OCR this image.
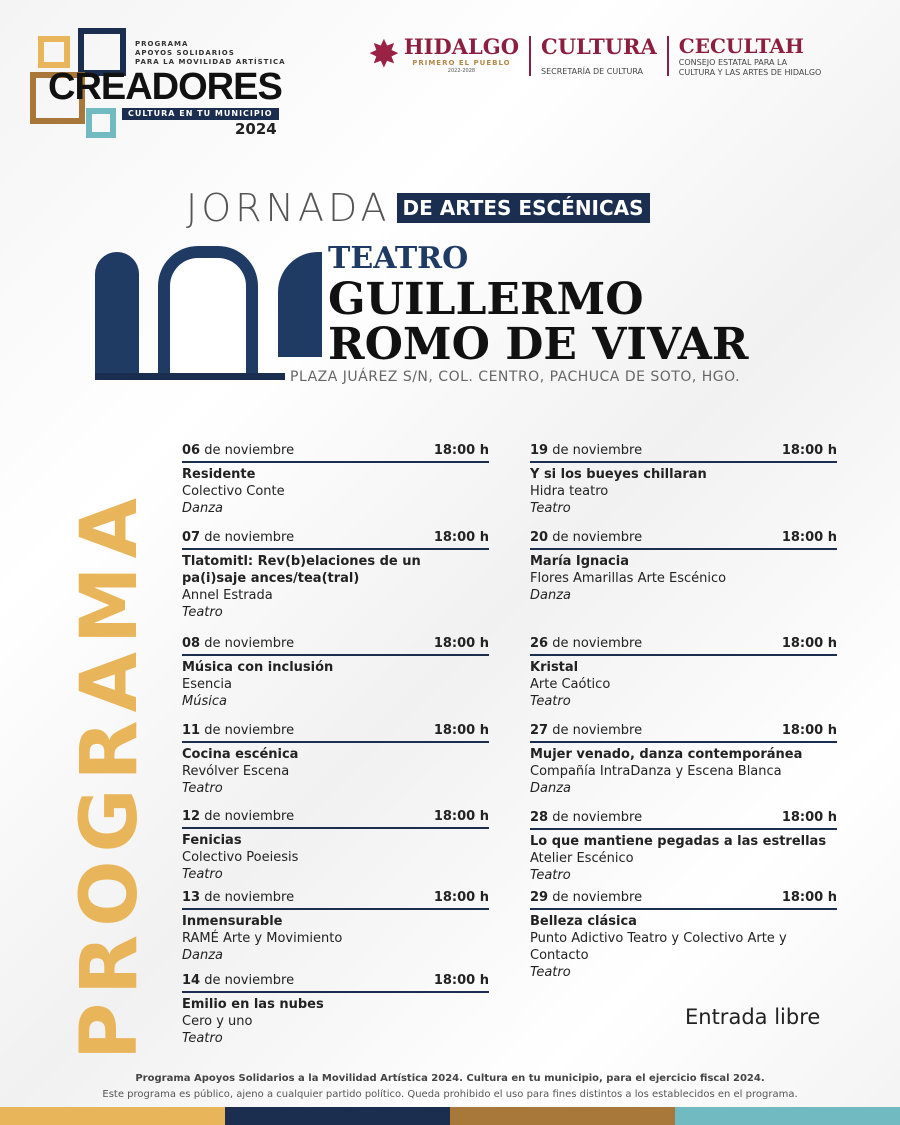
PROGRAMA
APOYOS SOLIDARIOS
PARA LA MOVILIDAD ARTÍSTICA
CREADORES
CULTURA EN TU MUNICIPIO
2024
✸ HIDALGO
PRIMERO EL PUEBLO
2022-2028
CULTURA
SECRETARÍA DE CULTURA
CECULTAH
CONSEJO ESTATAL PARA LA
CULTURA Y LAS ARTES DE HIDALGO
JORNADA DE ARTES ESCÉNICAS
TEATRO
GUILLERMO
ROMO DE VIVAR
PLAZA JUÁREZ S/N, COL. CENTRO, PACHUCA DE SOTO, HGO.
PROGRAMA
06 de noviembre	18:00 h
Residente
Colectivo Conte
Danza
07 de noviembre	18:00 h
Tlatomitl: Rev(b)elaciones de un pa(i)saje ances/tea(tral)
Annel Estrada
Teatro
08 de noviembre	18:00 h
Música con inclusión
Esencia
Música
11 de noviembre	18:00 h
Cocina escénica
Revólver Escena
Teatro
12 de noviembre	18:00 h
Fenicias
Colectivo Poeiesis
Teatro
13 de noviembre	18:00 h
Inmensurable
RAMÉ Arte y Movimiento
Danza
14 de noviembre	18:00 h
Emilio en las nubes
Cero y uno
Teatro
19 de noviembre	18:00 h
Y si los bueyes chillaran
Hidra teatro
Teatro
20 de noviembre	18:00 h
María Ignacia
Flores Amarillas Arte Escénico
Danza
26 de noviembre	18:00 h
Kristal
Arte Caótico
Teatro
27 de noviembre	18:00 h
Mujer venado, danza contemporánea
Compañía IntraDanza y Escena Blanca
Danza
28 de noviembre	18:00 h
Lo que mantiene pegadas a las estrellas
Atelier Escénico
Teatro
29 de noviembre	18:00 h
Belleza clásica
Punto Adictivo Teatro y Colectivo Arte y Contacto
Teatro
Entrada libre
Programa Apoyos Solidarios a la Movilidad Artística 2024. Cultura en tu municipio, para el ejercicio fiscal 2024.
Este programa es público, ajeno a cualquier partido político. Queda prohibido el uso para fines distintos a los establecidos en el programa.
